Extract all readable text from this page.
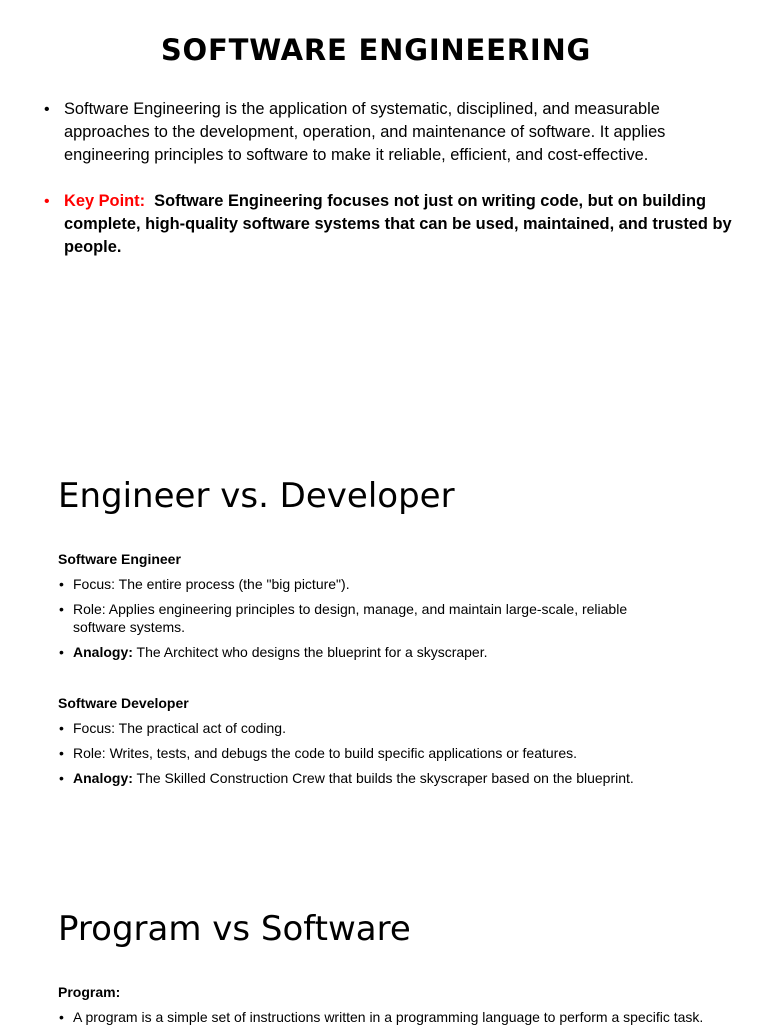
SOFTWARE ENGINEERING
• Software Engineering is the application of systematic, disciplined, and measurable approaches to the development, operation, and maintenance of software. It applies engineering principles to software to make it reliable, efficient, and cost-effective.
• Key Point: Software Engineering focuses not just on writing code, but on building complete, high-quality software systems that can be used, maintained, and trusted by people.
Engineer vs. Developer
Software Engineer
• Focus: The entire process (the "big picture").
• Role: Applies engineering principles to design, manage, and maintain large-scale, reliable software systems.
• Analogy: The Architect who designs the blueprint for a skyscraper.
Software Developer
• Focus: The practical act of coding.
• Role: Writes, tests, and debugs the code to build specific applications or features.
• Analogy: The Skilled Construction Crew that builds the skyscraper based on the blueprint.
Program vs Software
Program:
• A program is a simple set of instructions written in a programming language to perform a specific task.
